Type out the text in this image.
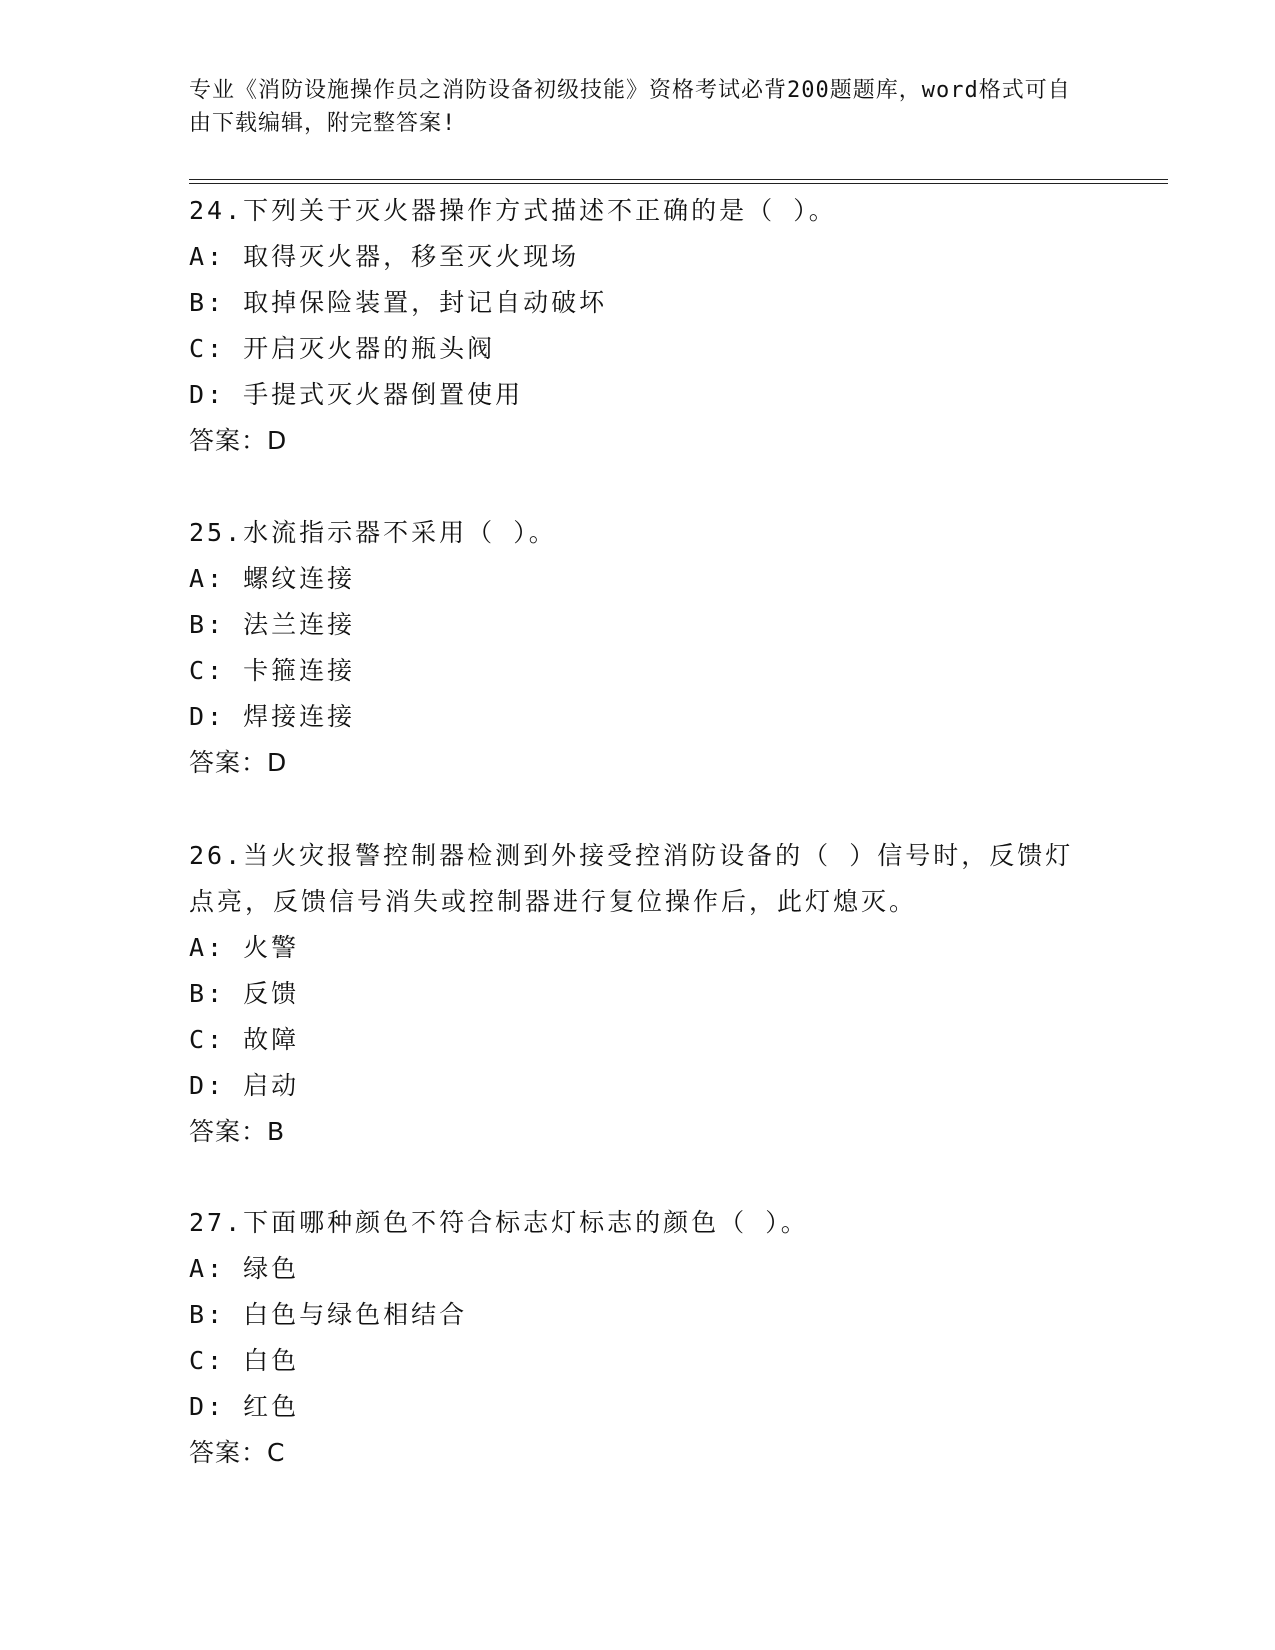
专业《消防设施操作员之消防设备初级技能》资格考试必背200题题库，word格式可自由下载编辑，附完整答案!
24.下列关于灭火器操作方式描述不正确的是（ ）。
A: 取得灭火器，移至灭火现场
B: 取掉保险装置，封记自动破坏
C: 开启灭火器的瓶头阀
D: 手提式灭火器倒置使用
答案：D
25.水流指示器不采用（ ）。
A: 螺纹连接
B: 法兰连接
C: 卡箍连接
D: 焊接连接
答案：D
26.当火灾报警控制器检测到外接受控消防设备的（ ）信号时，反馈灯点亮，反馈信号消失或控制器进行复位操作后，此灯熄灭。
A: 火警
B: 反馈
C: 故障
D: 启动
答案：B
27.下面哪种颜色不符合标志灯标志的颜色（ ）。
A: 绿色
B: 白色与绿色相结合
C: 白色
D: 红色
答案：C
